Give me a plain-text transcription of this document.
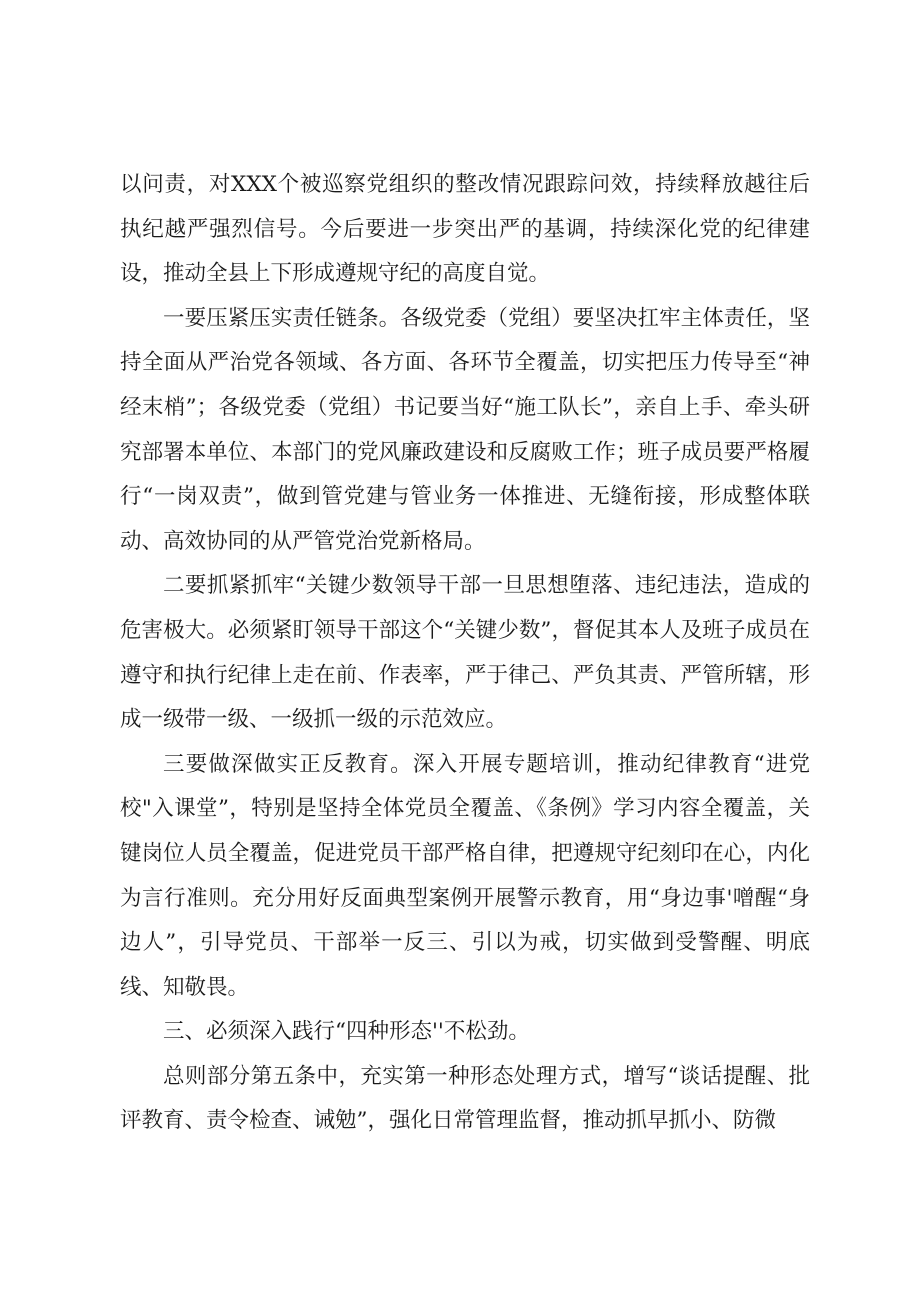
以问责，对XXX个被巡察党组织的整改情况跟踪问效，持续释放越往后执纪越严强烈信号。今后要进一步突出严的基调，持续深化党的纪律建设，推动全县上下形成遵规守纪的高度自觉。

一要压紧压实责任链条。各级党委（党组）要坚决扛牢主体责任，坚持全面从严治党各领域、各方面、各环节全覆盖，切实把压力传导至“神经末梢”；各级党委（党组）书记要当好“施工队长”，亲自上手、牵头研究部署本单位、本部门的党风廉政建设和反腐败工作；班子成员要严格履行“一岗双责”，做到管党建与管业务一体推进、无缝衔接，形成整体联动、高效协同的从严管党治党新格局。

二要抓紧抓牢“关键少数领导干部一旦思想堕落、违纪违法，造成的危害极大。必须紧盯领导干部这个“关键少数”，督促其本人及班子成员在遵守和执行纪律上走在前、作表率，严于律己、严负其责、严管所辖，形成一级带一级、一级抓一级的示范效应。

三要做深做实正反教育。深入开展专题培训，推动纪律教育“进党校"入课堂”，特别是坚持全体党员全覆盖、《条例》学习内容全覆盖，关键岗位人员全覆盖，促进党员干部严格自律，把遵规守纪刻印在心，内化为言行准则。充分用好反面典型案例开展警示教育，用“身边事'噌醒“身边人”，引导党员、干部举一反三、引以为戒，切实做到受警醒、明底线、知敬畏。

三、必须深入践行“四种形态''不松劲。

总则部分第五条中，充实第一种形态处理方式，增写“谈话提醒、批评教育、责令检查、诫勉”，强化日常管理监督，推动抓早抓小、防微
